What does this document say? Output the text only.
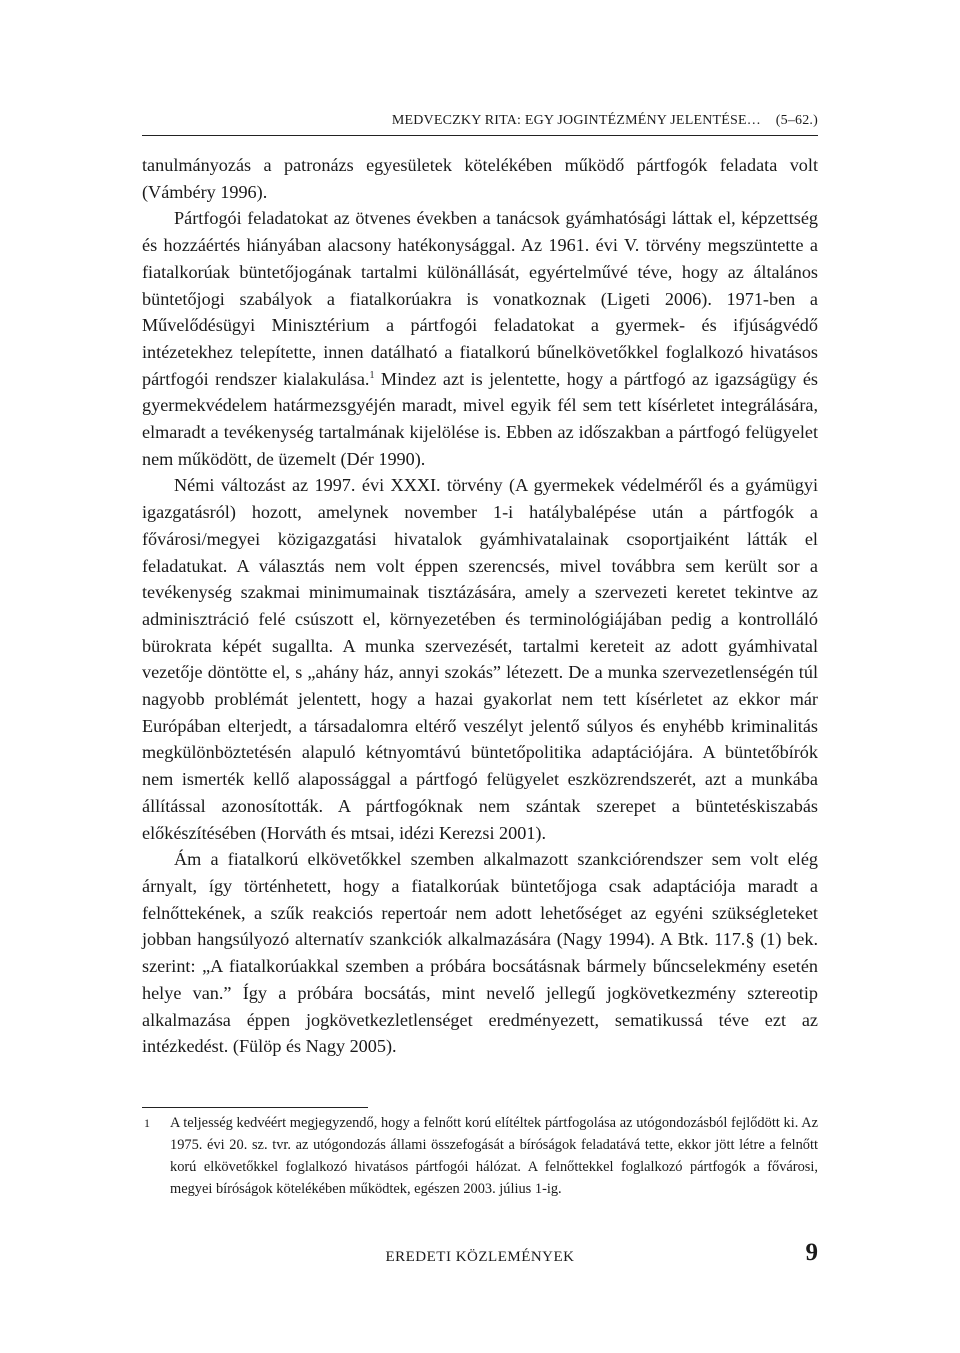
MEDVECZKY RITA: EGY JOGINTÉZMÉNY JELENTÉSE… (5–62.)

tanulmányozás a patronázs egyesületek kötelékében működő pártfogók feladata volt (Vámbéry 1996).

Pártfogói feladatokat az ötvenes években a tanácsok gyámhatósági láttak el, képzettség és hozzáértés hiányában alacsony hatékonysággal. Az 1961. évi V. törvény megszüntette a fiatalkorúak büntetőjogának tartalmi különállását, egyértelművé téve, hogy az általános büntetőjogi szabályok a fiatalkorúakra is vonatkoznak (Ligeti 2006). 1971-ben a Művelődésügyi Minisztérium a pártfogói feladatokat a gyermek- és ifjúságvédő intézetekhez telepítette, innen datálható a fiatalkorú bűnelkövetőkkel foglalkozó hivatásos pártfogói rendszer kialakulása.$^1$ Mindez azt is jelentette, hogy a pártfogó az igazságügy és gyermekvédelem határmezsgyéjén maradt, mivel egyik fél sem tett kísérletet integrálására, elmaradt a tevékenység tartalmának kijelölése is. Ebben az időszakban a pártfogó felügyelet nem működött, de üzemelt (Dér 1990).

Némi változást az 1997. évi XXXI. törvény (A gyermekek védelméről és a gyámügyi igazgatásról) hozott, amelynek november 1-i hatálybalépése után a pártfogók a fővárosi/megyei közigazgatási hivatalok gyámhivatalainak csoportjaiként látták el feladatukat. A választás nem volt éppen szerencsés, mivel továbbra sem került sor a tevékenység szakmai minimumainak tisztázására, amely a szervezeti keretet tekintve az adminisztráció felé csúszott el, környezetében és terminológiájában pedig a kontrolláló bürokrata képét sugallta. A munka szervezését, tartalmi kereteit az adott gyámhivatal vezetője döntötte el, s „ahány ház, annyi szokás” létezett. De a munka szervezetlenségén túl nagyobb problémát jelentett, hogy a hazai gyakorlat nem tett kísérletet az ekkor már Európában elterjedt, a társadalomra eltérő veszélyt jelentő súlyos és enyhébb kriminalitás megkülönböztetésén alapuló kétnyomtávú büntetőpolitika adaptációjára. A büntetőbírók nem ismerték kellő alapossággal a pártfogó felügyelet eszközrendszerét, azt a munkába állítással azonosították. A pártfogóknak nem szántak szerepet a büntetéskiszabás előkészítésében (Horváth és mtsai, idézi Kerezsi 2001).

Ám a fiatalkorú elkövetőkkel szemben alkalmazott szankciórendszer sem volt elég árnyalt, így történhetett, hogy a fiatalkorúak büntetőjoga csak adaptációja maradt a felnőttekének, a szűk reakciós repertoár nem adott lehetőséget az egyéni szükségleteket jobban hangsúlyozó alternatív szankciók alkalmazására (Nagy 1994). A Btk. 117.§ (1) bek. szerint: „A fiatalkorúakkal szemben a próbára bocsátásnak bármely bűncselekmény esetén helye van.” Így a próbára bocsátás, mint nevelő jellegű jogkövetkezmény sztereotip alkalmazása éppen jogkövetkezletlenséget eredményezett, sematikussá téve ezt az intézkedést. (Fülöp és Nagy 2005).

1 A teljesség kedvéért megjegyzendő, hogy a felnőtt korú elítéltek pártfogolása az utógondozásból fejlődött ki. Az 1975. évi 20. sz. tvr. az utógondozás állami összefogását a bíróságok feladatává tette, ekkor jött létre a felnőtt korú elkövetőkkel foglalkozó hivatásos pártfogói hálózat. A felnőttekkel foglalkozó pártfogók a fővárosi, megyei bíróságok kötelékében működtek, egészen 2003. július 1-ig.
EREDETI KÖZLEMÉNYEK	9
